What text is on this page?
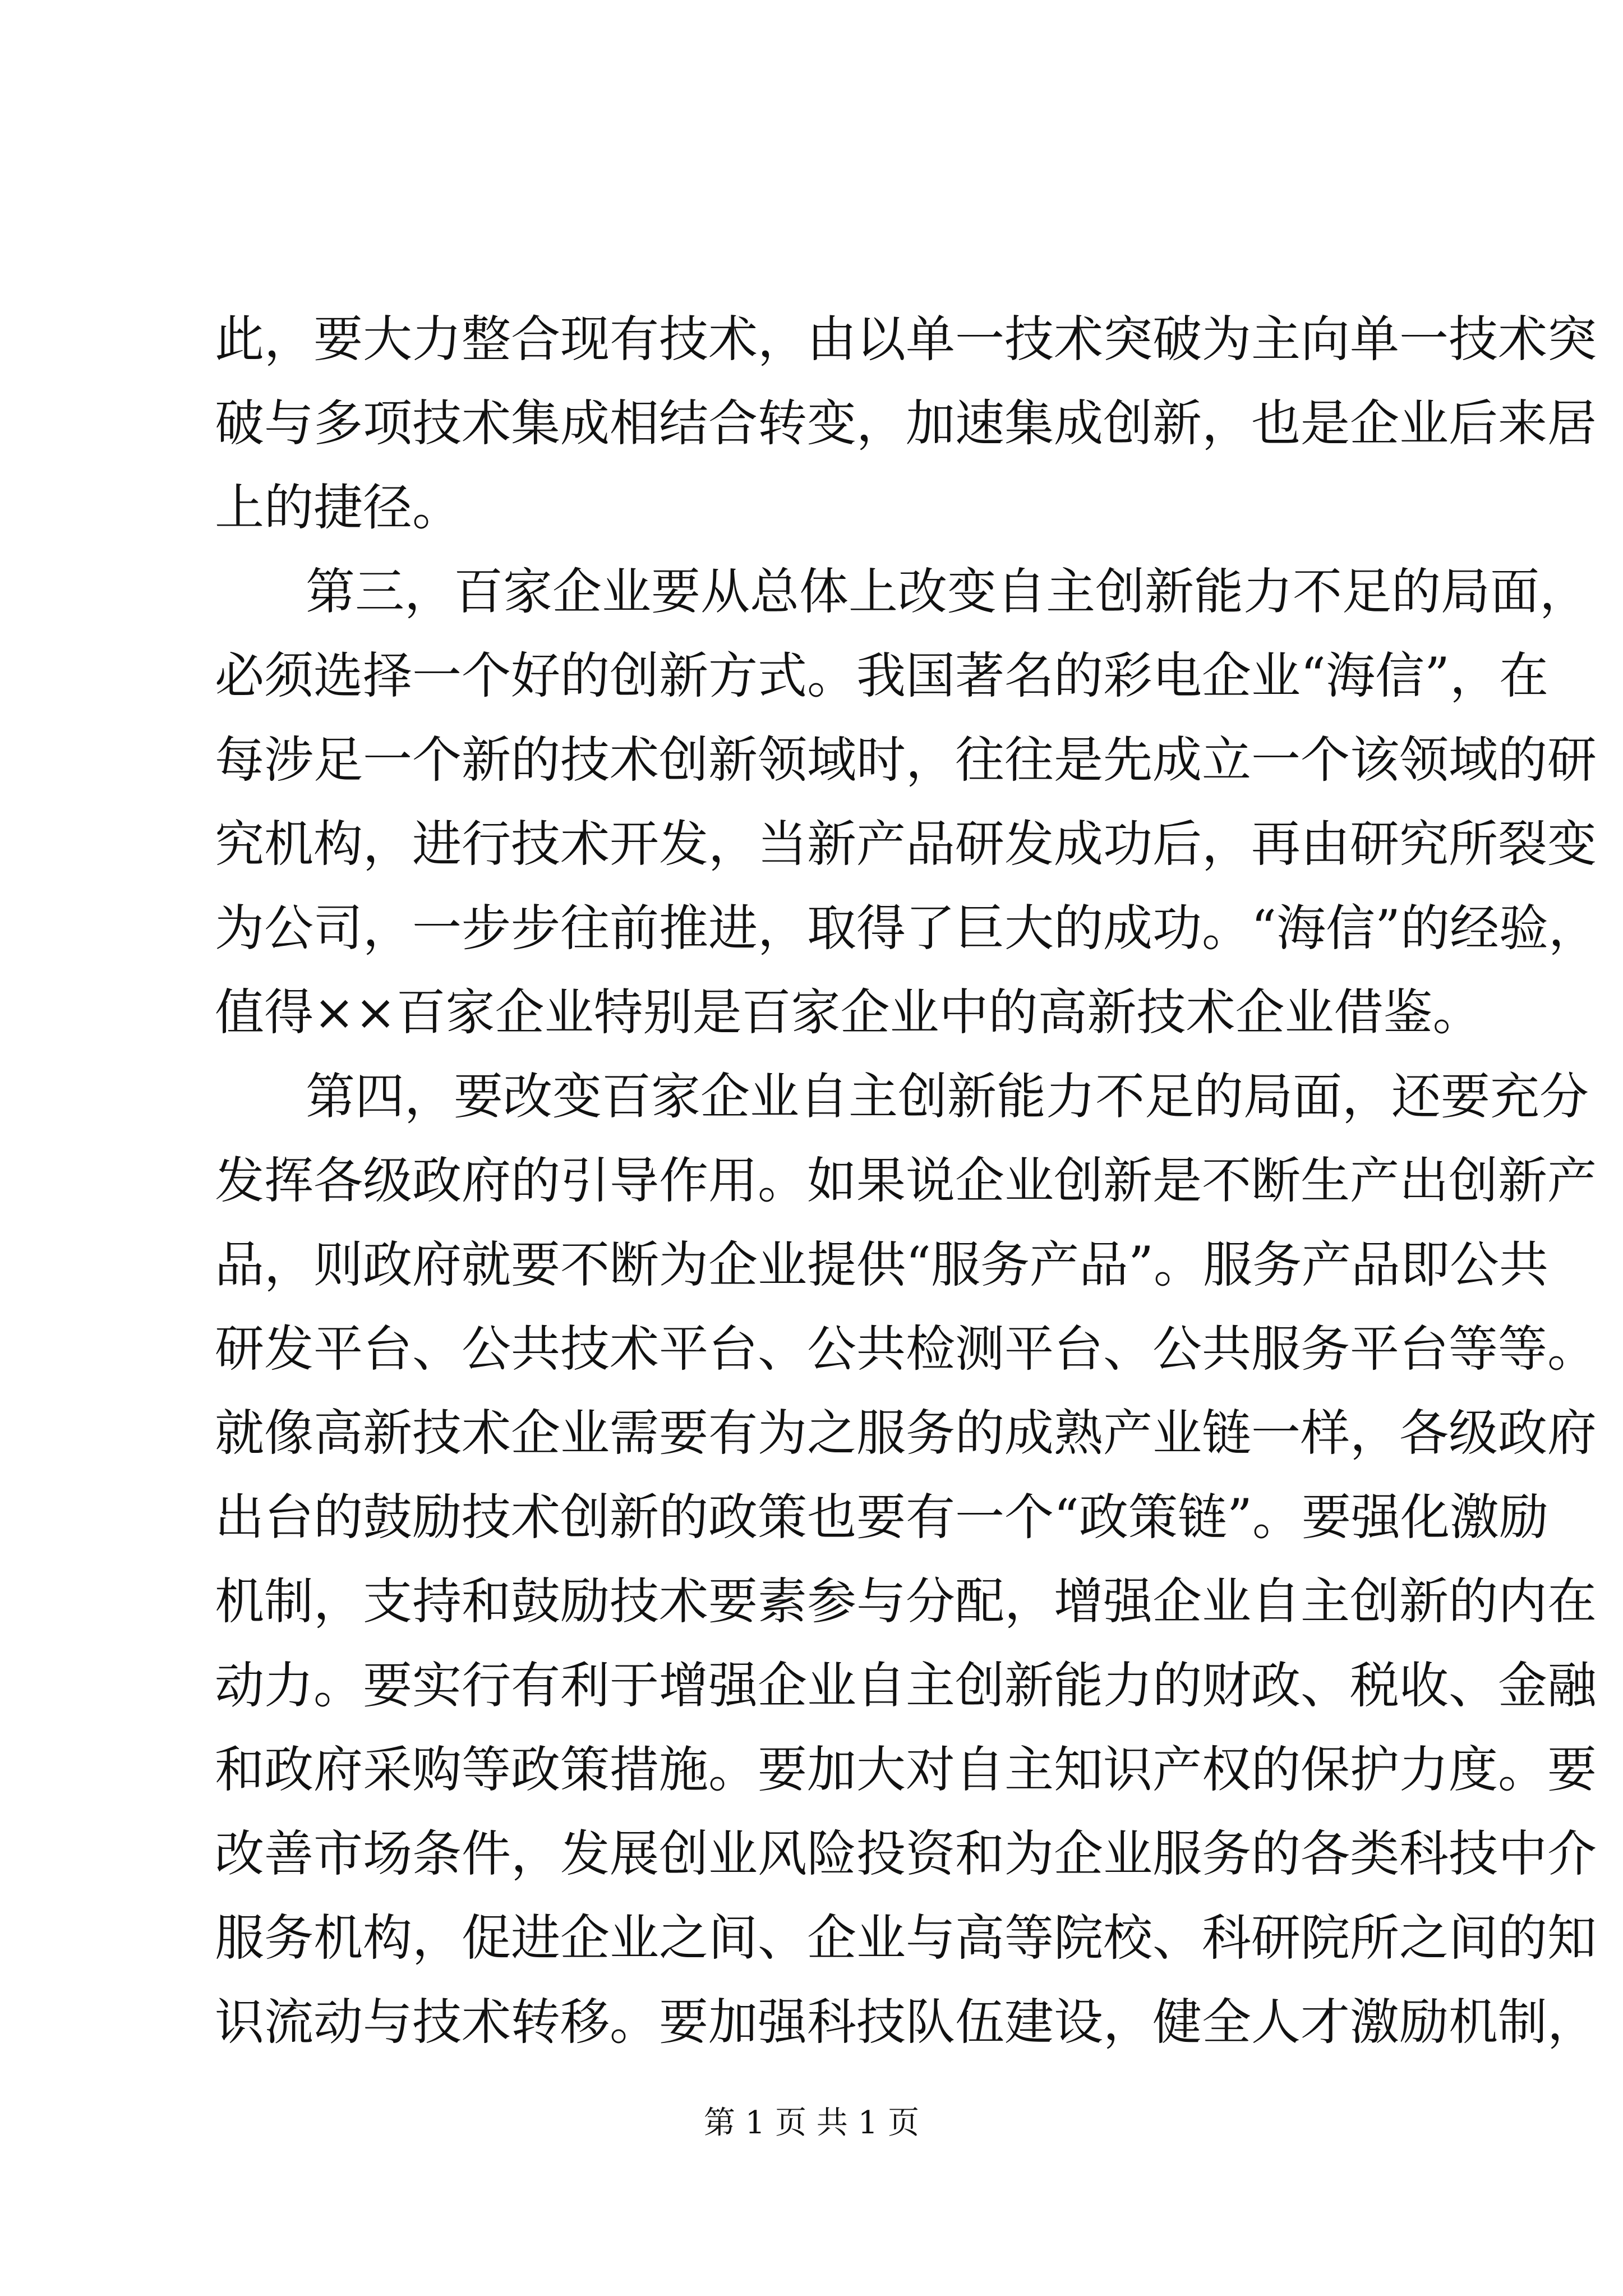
此，要大力整合现有技术，由以单一技术突破为主向单一技术突
破与多项技术集成相结合转变，加速集成创新，也是企业后来居
上的捷径。
第三，百家企业要从总体上改变自主创新能力不足的局面，
必须选择一个好的创新方式。我国著名的彩电企业“海信”，在
每涉足一个新的技术创新领域时，往往是先成立一个该领域的研
究机构，进行技术开发，当新产品研发成功后，再由研究所裂变
为公司，一步步往前推进，取得了巨大的成功。“海信”的经验，
值得××百家企业特别是百家企业中的高新技术企业借鉴。
第四，要改变百家企业自主创新能力不足的局面，还要充分
发挥各级政府的引导作用。如果说企业创新是不断生产出创新产
品，则政府就要不断为企业提供“服务产品”。服务产品即公共
研发平台、公共技术平台、公共检测平台、公共服务平台等等。
就像高新技术企业需要有为之服务的成熟产业链一样，各级政府
出台的鼓励技术创新的政策也要有一个“政策链”。要强化激励
机制，支持和鼓励技术要素参与分配，增强企业自主创新的内在
动力。要实行有利于增强企业自主创新能力的财政、税收、金融
和政府采购等政策措施。要加大对自主知识产权的保护力度。要
改善市场条件，发展创业风险投资和为企业服务的各类科技中介
服务机构，促进企业之间、企业与高等院校、科研院所之间的知
识流动与技术转移。要加强科技队伍建设，健全人才激励机制，
第 1 页 共 1 页
